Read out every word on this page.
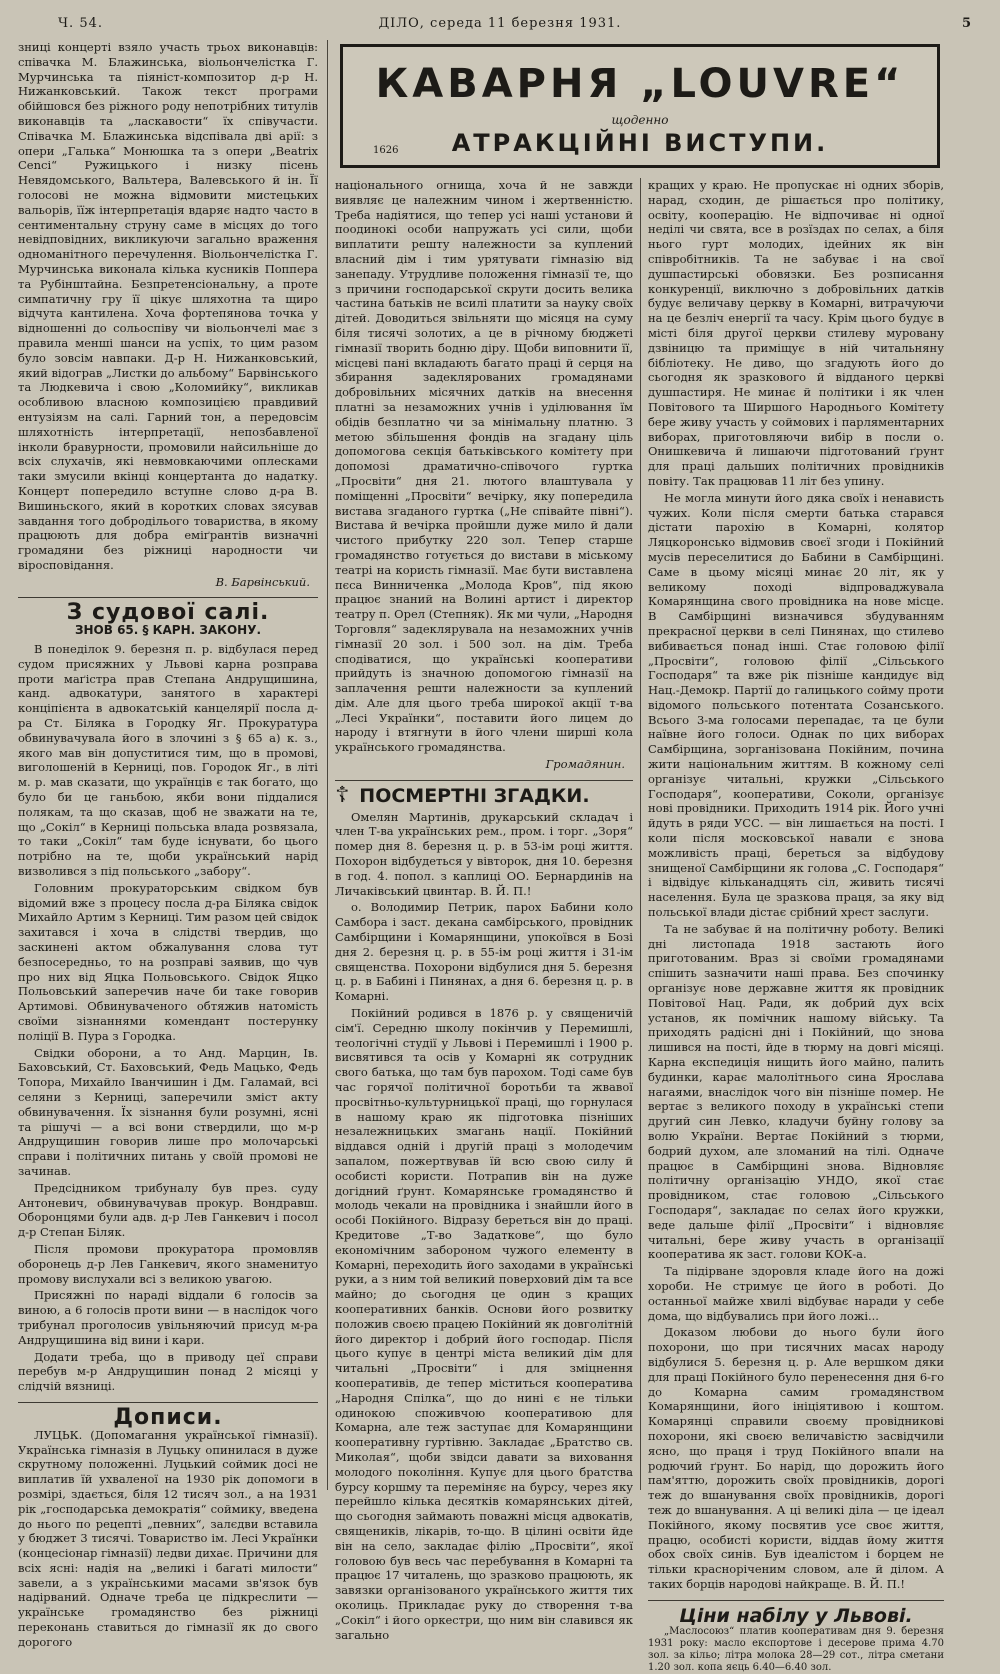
Ч. 54.	ДІЛО, середа 11 березня 1931.	5
КАВАРНЯ „LOUVRE“
щоденно
АТРАКЦІЙНІ ВИСТУПИ.
1626

зниці концерті взяло участь трьох виконавців: співачка М. Блажинська, віольончелістка Г. Мурчинська та піяніст-композитор д-р Н. Нижанковський. Також текст програми обійшовся без ріжного роду непотрібних титулів виконавців та „ласкавости“ їх співучасти. Співачка М. Блажинська відспівала дві арії: з опери „Галька“ Монюшка та з опери „Beatrix Cenci“ Ружицького і низку пісень Невядомського, Вальтера, Валевського й ін. Її голосові не можна відмовити мистецьких вальорів, їїж інтерпретація вдаряє надто часто в сентиментальну струну саме в місцях до того невідповідних, викликуючи загально враження одноманітного перечулення. Віольончелістка Г. Мурчинська виконала кілька кусників Поппера та Рубінштайна. Безпретенсіональну, а проте симпатичну гру її цікує шляхотна та щиро відчута кантилена. Хоча фортепянова точка у відношенні до сольоспіву чи віольончелі має з правила менші шанси на успіх, то цим разом було зовсім навпаки. Д-р Н. Нижанковський, який відограв „Листки до альбому“ Барвінського та Людкевича і свою „Коломийку“, викликав особливою власною композицією правдивий ентузіязм на салі. Гарний тон, а передовсім шляхотність інтерпретації, непозбавленої інколи бравурности, промовили найсильніше до всіх слухачів, які невмовкаючими оплесками таки змусили вкінці концертанта до надатку. Концерт попередило вступне слово д-ра В. Вишиньского, який в коротких словах зясував завдання того доброділього товариства, в якому працюють для добра еміґрантів визначні громадяни без ріжниці народности чи віросповідання.

В. Барвінський.
З судової салі.
ЗНОВ 65. § КАРН. ЗАКОНУ.

В понеділок 9. березня п. р. відбулася перед судом присяжних у Львові карна розправа проти маґістра прав Степана Андрущишина, канд. адвокатури, занятого в характері конціпієнта в адвокатській канцелярії посла д-ра Ст. Біляка в Городку Яг. Прокуратура обвинувачувала його в злочині з § 65 а) к. з., якого мав він допуститися тим, що в промові, виголошеній в Керниці, пов. Городок Яг., в літі м. р. мав сказати, що українців є так богато, що було би це ганьбою, якби вони піддалися полякам, та що сказав, щоб не зважати на те, що „Сокіл“ в Керниці польська влада розвязала, то таки „Сокіл“ там буде існувати, бо цього потрібно на те, щоби український нарід визволився з під польського „забору“.

Головним прокураторським свідком був відомий вже з процесу посла д-ра Біляка свідок Михайло Артим з Керниці. Тим разом цей свідок захитався і хоча в слідстві твердив, що заскинені актом обжалування слова тут безпосередньо, то на розправі заявив, що чув про них від Яцка Польовського. Свідок Яцко Польовський заперечив наче би таке говорив Артимові. Обвинуваченого обтяжив натомість своїми зізнаннями комендант постерунку поліції В. Пура з Городка.

Свідки оборони, а то Анд. Марцин, Ів. Баховський, Ст. Баховський, Федь Мацько, Федь Топора, Михайло Іванчишин і Дм. Галамай, всі селяни з Керниці, заперечили зміст акту обвинувачення. Їх зізнання були розумні, ясні та рішучі — а всі вони ствердили, що м-р Андрущишин говорив лише про молочарські справи і політичних питань у своїй промові не зачинав.

Предсідником трибуналу був през. суду Антоневич, обвинувачував прокур. Вондравш. Оборонцями були адв. д-р Лев Ганкевич і посол д-р Степан Біляк.

Після промови прокуратора промовляв оборонець д-р Лев Ганкевич, якого знаменитуо промову вислухали всі з великою увагою.

Присяжні по нараді віддали 6 голосів за виною, а 6 голосів проти вини — в наслідок чого трибунал проголосив увільняючий присуд м-ра Андрущишина від вини і кари.

Додати треба, що в приводу цеї справи перебув м-р Андрущишин понад 2 місяці у слідчій вязниці.

Дописи.

ЛУЦЬК. (Допомагання української гімназії). Українська гімназія в Луцьку опинилася в дуже скрутному положенні. Луцький соймик досі не виплатив їй ухваленої на 1930 рік допомоги в розмірі, здається, біля 12 тисяч зол., а на 1931 рік „господарська демократія“ соймику, введена до нього по рецепті „певних“, залєдви вставила у бюджет 3 тисячі. Товариство ім. Лесі Українки (концесіонар гімназії) ледви дихає. Причини для всіх ясні: надія на „великі і багаті милости“ завели, а з українськими масами зв'язок був надірваний. Одначе треба це підкреслити — українське громадянство без ріжниці переконань ставиться до гімназії як до свого дорогого

національного огнища, хоча й не завжди виявляє це належним чином і жертвенністю. Треба надіятися, що тепер усі наші установи й поодинокі особи напружать усі сили, щоби виплатити решту належности за куплений власний дім і тим урятувати гімназію від занепаду. Утрудливе положення гімназії те, що з причини господарської скрути досить велика частина батьків не всилі платити за науку своїх дітей. Доводиться звільняти що місяця на суму біля тисячі золотих, а це в річному бюджеті гімназії творить бодню діру. Щоби виповнити її, місцеві пані вкладають багато праці й серця на збирання задеклярованих громадянами добровільних місячних датків на внесення платні за незаможних учнів і уділювання їм обідів безплатно чи за мінімальну платню. З метою збільшення фондів на згадану ціль допомогова секція батьківського комітету при допомозі драматично-співочого гуртка „Просвіти“ дня 21. лютого влаштувала у поміщенні „Просвіти“ вечірку, яку попередила вистава згаданого гуртка („Не співайте півні“). Вистава й вечірка пройшли дуже мило й дали чистого прибутку 220 зол. Тепер старше громадянство готується до вистави в міському театрі на користь гімназії. Має бути виставлена пєса Винниченка „Молода Кров“, під якою працює знаний на Волині артист і директор театру п. Орел (Степняк). Як ми чули, „Народня Торговля“ задеклярувала на незаможних учнів гімназії 20 зол. і 500 зол. на дім. Треба сподіватися, що українські кооперативи прийдуть із значною допомогою гімназії на заплачення решти належности за куплений дім. Але для цього треба широкої акції т-ва „Лесі Українки“, поставити його лицем до народу і втягнути в його члени ширші кола українського громадянства.

Громадянин.
☦ ПОСМЕРТНІ ЗГАДКИ.

Омелян Мартинів, друкарський складач і член Т-ва українських рем., пром. і торг. „Зоря“ помер дня 8. березня ц. р. в 53-ім році життя. Похорон відбудеться у вівторок, дня 10. березня в год. 4. попол. з каплиці ОО. Бернардинів на Личаківський цвинтар. В. Й. П.!

о. Володимир Петрик, парох Бабини коло Самбора і заст. декана самбірського, провідник Самбірщини і Комарянщини, упокоївся в Бозі дня 2. березня ц. р. в 55-ім році життя і 31-ім священства. Похорони відбулися дня 5. березня ц. р. в Бабині і Пинянах, а дня 6. березня ц. р. в Комарні.

Покійний родився в 1876 р. у священичій сім'ї. Середню школу покінчив у Перемишлі, теологічні студії у Львові і Перемишлі і 1900 р. висвятився та осів у Комарні як сотрудник свого батька, що там був парохом. Тоді саме був час горячої політичної боротьби та жвавої просвітньо-культурницької праці, що горнулася в нашому краю як підготовка пізніших незалежницьких змагань нації. Покійний віддався одній і другій праці з молодечим запалом, пожертвував їй всю свою силу й особисті користи. Потрапив він на дуже догідний ґрунт. Комарянське громадянство й молодь чекали на провідника і знайшли його в особі Покійного. Відразу береться він до праці. Кредитове „Т-во Задаткове“, що було економічним забороном чужого елементу в Комарні, переходить його заходами в українські руки, а з ним той великий поверховий дім та все майно; до сьогодня це один з кращих кооперативних банків. Основи його розвитку положив своєю працею Покійний як довголітній його директор і добрий його господар. Після цього купує в центрі міста великий дім для читальні „Просвіти“ і для зміцнення кооперативів, де тепер міститься кооператива „Народня Спілка“, що до нині є не тільки одинокою споживчою кооперативою для Комарна, але теж заступає для Комарянщини кооперативну гуртівню. Закладає „Братство св. Миколая“, щоби звідси давати за виховання молодого покоління. Купує для цього братства бурсу коршму та переміняє на бурсу, через яку перейшло кілька десятків комарянських дітей, що сьогодня займають поважні місця адвокатів, священиків, лікарів, то-що. В цілині освіти йде він на село, закладає філію „Просвіти“, якої головою був весь час перебування в Комарні та працює 17 читалень, що зразково працюють, як завязки організованого українського життя тих околиць. Прикладає руку до створення т-ва „Сокіл“ і його оркестри, що ним він славився як загально

кращих у краю. Не пропускає ні одних зборів, нарад, сходин, де рішається про політику, освіту, кооперацію. Не відпочиває ні одної неділі чи свята, все в розїздах по селах, а біля нього гурт молодих, ідейних як він співробітників. Та не забуває і на свої душпастирські обовязки. Без розписання конкуренції, виключно з добровільних датків будує величаву церкву в Комарні, витрачуючи на це безліч енергії та часу. Крім цього будує в місті біля другої церкви стилеву муровану дзвіницю та приміщує в ній читальняну бібліотеку. Не диво, що згадують його до сьогодня як зразкового й відданого церкві душпастиря. Не минає й політики і як член Повітового та Ширшого Народнього Комітету бере живу участь у соймових і парляментарних виборах, приготовляючи вибір в посли о. Онишкевича й лишаючи підготований ґрунт для праці дальших політичних провідників повіту. Так працював 11 літ без упину.

Не могла минути його дяка своїх і ненависть чужих. Коли після смерти батька старався дістати парохію в Комарні, колятор Ляцкоронсько відмовив своєї згоди і Покійний мусів переселитися до Бабини в Самбірщині. Саме в цьому місяці минає 20 літ, як у великому поході відпроваджувала Комарянщина свого провідника на нове місце. В Самбірщині визначився збудуванням прекрасної церкви в селі Пинянах, що стилево вибивається понад інші. Стає головою філії „Просвіти“, головою філії „Сільського Господаря“ та вже рік пізніше кандидує від Нац.-Демокр. Партії до галицького сойму проти відомого польського потентата Созанського. Всього 3-ма голосами перепадає, та це були наївне його голоси. Однак по цих виборах Самбірщина, зорганізована Покійним, почина жити національним життям. В кожному селі організує читальні, кружки „Сільського Господаря“, кооперативи, Соколи, організує нові провідники. Приходить 1914 рік. Його учні йдуть в ряди УСС. — він лишається на пості. І коли після московської навали є знова можливість праці, береться за відбудову знищеної Самбірщини як голова „С. Господаря“ і відвідує кільканадцять сіл, живить тисячі населення. Була це зразкова праця, за яку від польської влади дістає срібний хрест заслуги.

Та не забуває й на політичну роботу. Великі дні листопада 1918 застають його приготованим. Враз зі своїми громадянами спішить зазначити наші права. Без спочинку організує нове державне життя як провідник Повітової Нац. Ради, як добрий дух всіх установ, як помічник нашому війську. Та приходять радісні дні і Покійний, що знова лишився на пості, йде в тюрму на довгі місяці. Карна експедиція нищить його майно, палить будинки, карає малолітнього сина Ярослава нагаями, внаслідок чого він пізніше помер. Не вертає з великого походу в українські степи другий син Левко, кладучи буйну голову за волю України. Вертає Покійний з тюрми, бодрий духом, але зломаний на тілі. Одначе працює в Самбірщині знова. Відновляє політичну організацію УНДО, якої стає провідником, стає головою „Сільського Господаря“, закладає по селах його кружки, веде дальше філії „Просвіти“ і відновляє читальні, бере живу участь в організації кооператива як заст. голови КОК-а.

Та підірване здоровля кладе його на дожі хороби. Не стримує це його в роботі. До останньої майже хвилі відбуває наради у себе дома, що відбувались при його ложі...

Доказом любови до нього були його похорони, що при тисячних масах народу відбулися 5. березня ц. р. Але вершком дяки для праці Покійного було перенесення дня 6-го до Комарна самим громадянством Комарянщини, його ініціятивою і коштом. Комарянці справили своєму провідникові похорони, які своєю величавістю засвідчили ясно, що праця і труд Покійного впали на родючий ґрунт. Бо нарід, що дорожить його пам'яттю, дорожить своїх провідників, дорогі теж до вшанування своїх провідників, дорогі теж до вшанування. А ці великі діла — це ідеал Покійного, якому посвятив усе своє життя, працю, особисті користи, віддав йому життя обох своїх синів. Був ідеалістом і борцем не тільки красноріченим словом, але й ділом. А таких борців народові найкраще. В. Й. П.!

Ціни набілу у Львові.

„Маслосоюз“ платив кооперативам дня 9. березня 1931 року: масло експортове і десерове прима 4.70 зол. за кільо; літра молока 28—29 сот., літра сметани 1.20 зол. копа яєць 6.40—6.40 зол.
